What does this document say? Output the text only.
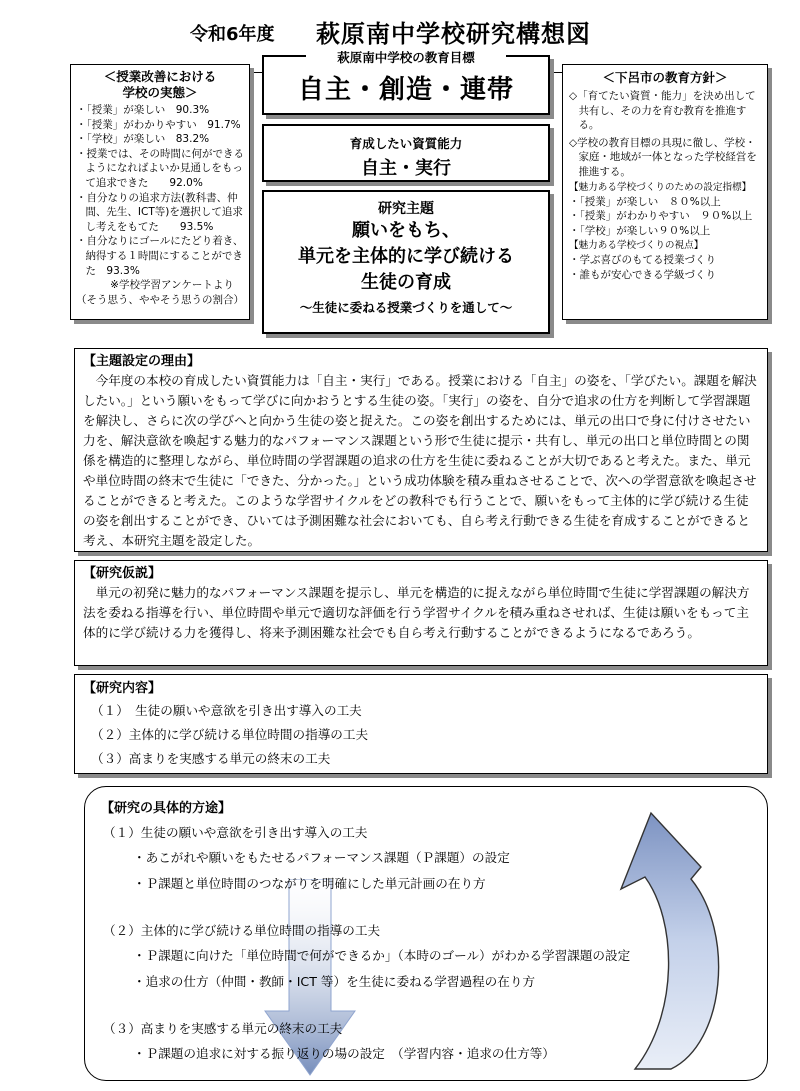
令和6年度 萩原南中学校研究構想図
萩原南中学校の教育目標
自主・創造・連帯
＜授業改善における
学校の実態＞
・「授業」が楽しい　90.3%
・「授業」がわかりやすい　91.7%
・「学校」が楽しい　83.2%
・授業では、その時間に何ができるようになればよいか見通しをもって追求できた　　92.0%
・自分なりの追求方法(教科書、仲間、先生、ICT等)を選択して追求し考えをもてた　　93.5%
・自分なりにゴールにたどり着き、納得する１時間にすることができた　93.3%
※学校学習アンケートより
（そう思う、ややそう思うの割合）
＜下呂市の教育方針＞
◇「育てたい資質・能力」を決め出して共有し、その力を育む教育を推進する。
◇学校の教育目標の具現に徹し、学校・家庭・地域が一体となった学校経営を推進する。
【魅力ある学校づくりのための設定指標】
・「授業」が楽しい　８０%以上
・「授業」がわかりやすい　９０%以上
・「学校」が楽しい９０%以上
【魅力ある学校づくりの視点】
・学ぶ喜びのもてる授業づくり
・誰もが安心できる学級づくり
育成したい資質能力
自主・実行
研究主題
願いをもち、
単元を主体的に学び続ける
生徒の育成
～生徒に委ねる授業づくりを通して～
【主題設定の理由】

今年度の本校の育成したい資質能力は「自主・実行」である。授業における「自主」の姿を、「学びたい。課題を解決したい。」という願いをもって学びに向かおうとする生徒の姿。「実行」の姿を、自分で追求の仕方を判断して学習課題を解決し、さらに次の学びへと向かう生徒の姿と捉えた。この姿を創出するためには、単元の出口で身に付けさせたい力を、解決意欲を喚起する魅力的なパフォーマンス課題という形で生徒に提示・共有し、単元の出口と単位時間との関係を構造的に整理しながら、単位時間の学習課題の追求の仕方を生徒に委ねることが大切であると考えた。また、単元や単位時間の終末で生徒に「できた、分かった。」という成功体験を積み重ねさせることで、次への学習意欲を喚起させることができると考えた。このような学習サイクルをどの教科でも行うことで、願いをもって主体的に学び続ける生徒の姿を創出することができ、ひいては予測困難な社会においても、自ら考え行動できる生徒を育成することができると考え、本研究主題を設定した。

【研究仮説】

単元の初発に魅力的なパフォーマンス課題を提示し、単元を構造的に捉えながら単位時間で生徒に学習課題の解決方法を委ねる指導を行い、単位時間や単元で適切な評価を行う学習サイクルを積み重ねさせれば、生徒は願いをもって主体的に学び続ける力を獲得し、将来予測困難な社会でも自ら考え行動することができるようになるであろう。

【研究内容】
（１）　生徒の願いや意欲を引き出す導入の工夫
（２）主体的に学び続ける単位時間の指導の工夫
（３）高まりを実感する単元の終末の工夫
【研究の具体的方途】
（１）生徒の願いや意欲を引き出す導入の工夫
・あこがれや願いをもたせるパフォーマンス課題（Ｐ課題）の設定
・Ｐ課題と単位時間のつながりを明確にした単元計画の在り方
（２）主体的に学び続ける単位時間の指導の工夫
・Ｐ課題に向けた「単位時間で何ができるか」（本時のゴール）がわかる学習課題の設定
・追求の仕方（仲間・教師・ICT 等）を生徒に委ねる学習過程の在り方
（３）高まりを実感する単元の終末の工夫
・Ｐ課題の追求に対する振り返りの場の設定　（学習内容・追求の仕方等）
